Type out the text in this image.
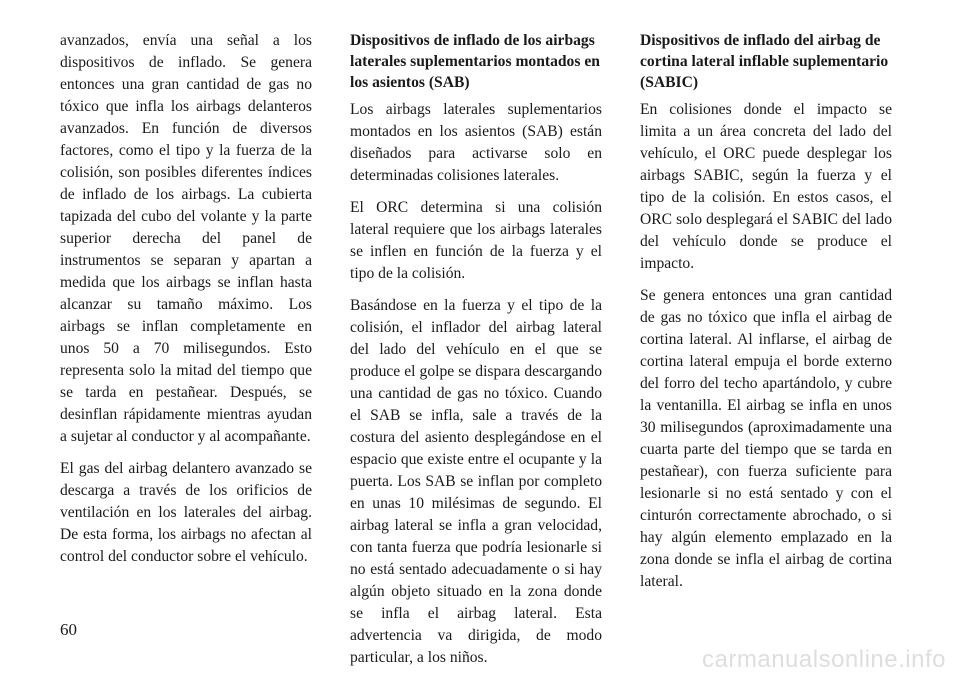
avanzados, envía una señal a los dispositivos de inflado. Se genera entonces una gran cantidad de gas no tóxico que infla los airbags delanteros avanzados. En función de diversos factores, como el tipo y la fuerza de la colisión, son posibles diferentes índices de inflado de los airbags. La cubierta tapizada del cubo del volante y la parte superior derecha del panel de instrumentos se separan y apartan a medida que los airbags se inflan hasta alcanzar su tamaño máximo. Los airbags se inflan completamente en unos 50 a 70 milisegundos. Esto representa solo la mitad del tiempo que se tarda en pestañear. Después, se desinflan rápidamente mientras ayudan a sujetar al conductor y al acompañante.

El gas del airbag delantero avanzado se descarga a través de los orificios de ventilación en los laterales del airbag. De esta forma, los airbags no afectan al control del conductor sobre el vehículo.

Dispositivos de inflado de los airbags laterales suplementarios montados en los asientos (SAB)

Los airbags laterales suplementarios montados en los asientos (SAB) están diseñados para activarse solo en determinadas colisiones laterales.

El ORC determina si una colisión lateral requiere que los airbags laterales se inflen en función de la fuerza y el tipo de la colisión.

Basándose en la fuerza y el tipo de la colisión, el inflador del airbag lateral del lado del vehículo en el que se produce el golpe se dispara descargando una cantidad de gas no tóxico. Cuando el SAB se infla, sale a través de la costura del asiento desplegándose en el espacio que existe entre el ocupante y la puerta. Los SAB se inflan por completo en unas 10 milésimas de segundo. El airbag lateral se infla a gran velocidad, con tanta fuerza que podría lesionarle si no está sentado adecuadamente o si hay algún objeto situado en la zona donde se infla el airbag lateral. Esta advertencia va dirigida, de modo particular, a los niños.

Dispositivos de inflado del airbag de cortina lateral inflable suplementario (SABIC)

En colisiones donde el impacto se limita a un área concreta del lado del vehículo, el ORC puede desplegar los airbags SABIC, según la fuerza y el tipo de la colisión. En estos casos, el ORC solo desplegará el SABIC del lado del vehículo donde se produce el impacto.

Se genera entonces una gran cantidad de gas no tóxico que infla el airbag de cortina lateral. Al inflarse, el airbag de cortina lateral empuja el borde externo del forro del techo apartándolo, y cubre la ventanilla. El airbag se infla en unos 30 milisegundos (aproximadamente una cuarta parte del tiempo que se tarda en pestañear), con fuerza suficiente para lesionarle si no está sentado y con el cinturón correctamente abrochado, o si hay algún elemento emplazado en la zona donde se infla el airbag de cortina lateral.

60

carmanualsonline.info
